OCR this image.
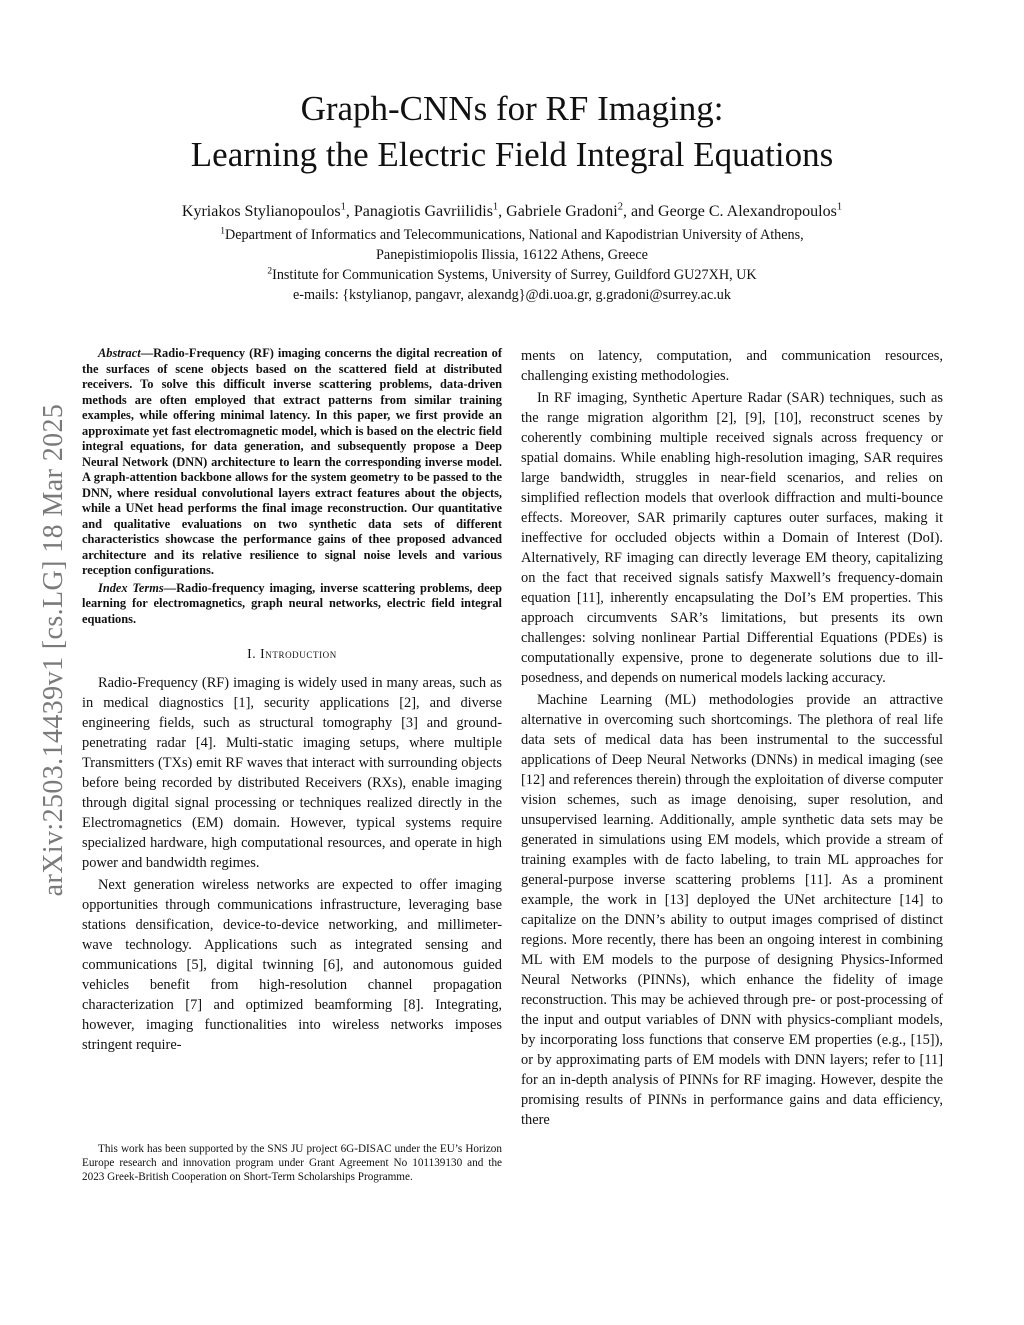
Graph-CNNs for RF Imaging:
Learning the Electric Field Integral Equations
Kyriakos Stylianopoulos$^1$, Panagiotis Gavriilidis$^1$, Gabriele Gradoni$^2$, and George C. Alexandropoulos$^1$
$^1$Department of Informatics and Telecommunications, National and Kapodistrian University of Athens,
Panepistimiopolis Ilissia, 16122 Athens, Greece
$^2$Institute for Communication Systems, University of Surrey, Guildford GU27XH, UK
e-mails: {kstylianop, pangavr, alexandg}@di.uoa.gr, g.gradoni@surrey.ac.uk
arXiv:2503.14439v1 [cs.LG] 18 Mar 2025

Abstract—Radio-Frequency (RF) imaging concerns the digital recreation of the surfaces of scene objects based on the scattered field at distributed receivers. To solve this difficult inverse scattering problems, data-driven methods are often employed that extract patterns from similar training examples, while offering minimal latency. In this paper, we first provide an approximate yet fast electromagnetic model, which is based on the electric field integral equations, for data generation, and subsequently propose a Deep Neural Network (DNN) architecture to learn the corresponding inverse model. A graph-attention backbone allows for the system geometry to be passed to the DNN, where residual convolutional layers extract features about the objects, while a UNet head performs the final image reconstruction. Our quantitative and qualitative evaluations on two synthetic data sets of different characteristics showcase the performance gains of thee proposed advanced architecture and its relative resilience to signal noise levels and various reception configurations.

Index Terms—Radio-frequency imaging, inverse scattering problems, deep learning for electromagnetics, graph neural networks, electric field integral equations.

I. Introduction

Radio-Frequency (RF) imaging is widely used in many areas, such as in medical diagnostics [1], security applications [2], and diverse engineering fields, such as structural tomography [3] and ground-penetrating radar [4]. Multi-static imaging setups, where multiple Transmitters (TXs) emit RF waves that interact with surrounding objects before being recorded by distributed Receivers (RXs), enable imaging through digital signal processing or techniques realized directly in the Electromagnetics (EM) domain. However, typical systems require specialized hardware, high computational resources, and operate in high power and bandwidth regimes.

Next generation wireless networks are expected to offer imaging opportunities through communications infrastructure, leveraging base stations densification, device-to-device networking, and millimeter-wave technology. Applications such as integrated sensing and communications [5], digital twinning [6], and autonomous guided vehicles benefit from high-resolution channel propagation characterization [7] and optimized beamforming [8]. Integrating, however, imaging functionalities into wireless networks imposes stringent require-

This work has been supported by the SNS JU project 6G-DISAC under the EU’s Horizon Europe research and innovation program under Grant Agreement No 101139130 and the 2023 Greek-British Cooperation on Short-Term Scholarships Programme.

ments on latency, computation, and communication resources, challenging existing methodologies.

In RF imaging, Synthetic Aperture Radar (SAR) techniques, such as the range migration algorithm [2], [9], [10], reconstruct scenes by coherently combining multiple received signals across frequency or spatial domains. While enabling high-resolution imaging, SAR requires large bandwidth, struggles in near-field scenarios, and relies on simplified reflection models that overlook diffraction and multi-bounce effects. Moreover, SAR primarily captures outer surfaces, making it ineffective for occluded objects within a Domain of Interest (DoI). Alternatively, RF imaging can directly leverage EM theory, capitalizing on the fact that received signals satisfy Maxwell’s frequency-domain equation [11], inherently encapsulating the DoI’s EM properties. This approach circumvents SAR’s limitations, but presents its own challenges: solving nonlinear Partial Differential Equations (PDEs) is computationally expensive, prone to degenerate solutions due to ill-posedness, and depends on numerical models lacking accuracy.

Machine Learning (ML) methodologies provide an attractive alternative in overcoming such shortcomings. The plethora of real life data sets of medical data has been instrumental to the successful applications of Deep Neural Networks (DNNs) in medical imaging (see [12] and references therein) through the exploitation of diverse computer vision schemes, such as image denoising, super resolution, and unsupervised learning. Additionally, ample synthetic data sets may be generated in simulations using EM models, which provide a stream of training examples with de facto labeling, to train ML approaches for general-purpose inverse scattering problems [11]. As a prominent example, the work in [13] deployed the UNet architecture [14] to capitalize on the DNN’s ability to output images comprised of distinct regions. More recently, there has been an ongoing interest in combining ML with EM models to the purpose of designing Physics-Informed Neural Networks (PINNs), which enhance the fidelity of image reconstruction. This may be achieved through pre- or post-processing of the input and output variables of DNN with physics-compliant models, by incorporating loss functions that conserve EM properties (e.g., [15]), or by approximating parts of EM models with DNN layers; refer to [11] for an in-depth analysis of PINNs for RF imaging. However, despite the promising results of PINNs in performance gains and data efficiency, there
